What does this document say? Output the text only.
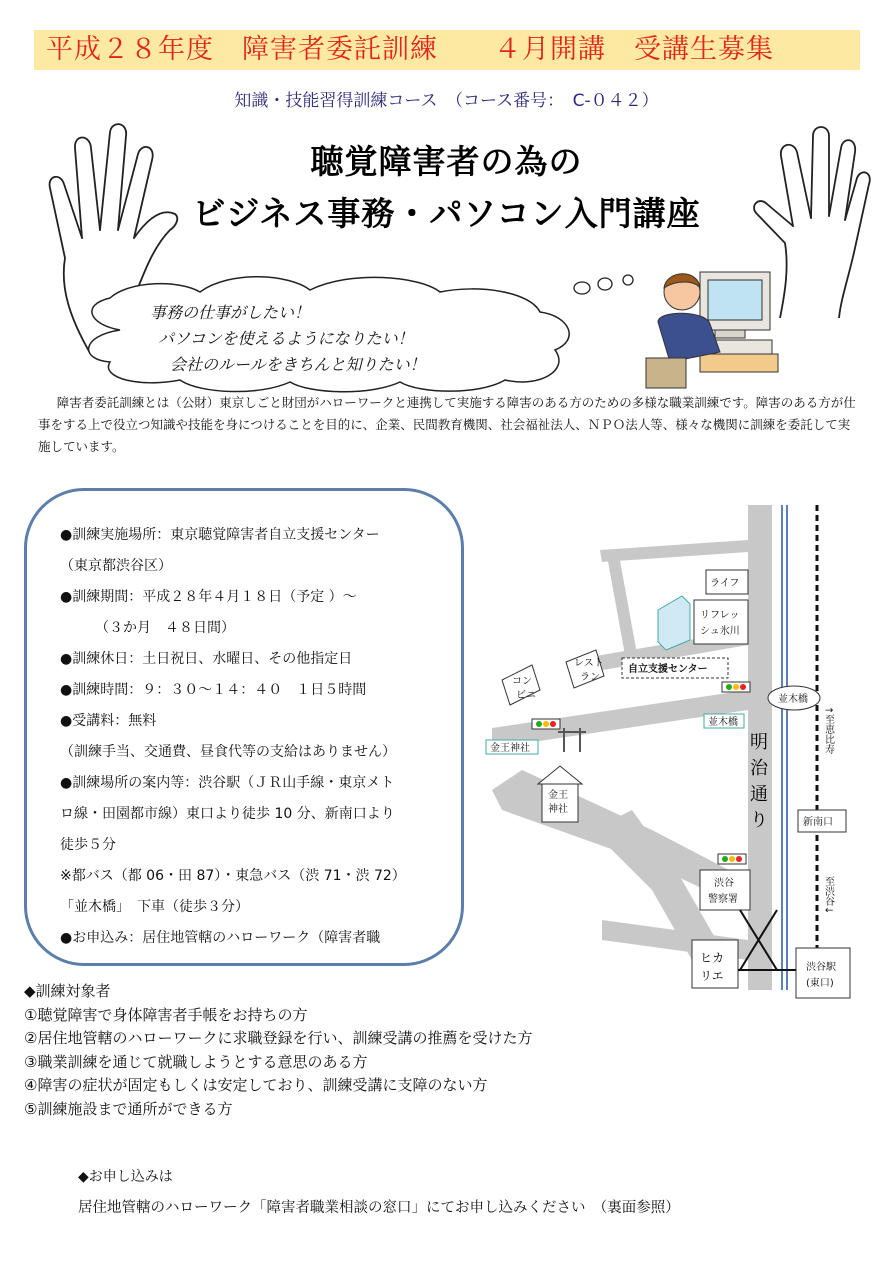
平成２８年度　障害者委託訓練　　４月開講　受講生募集
知識・技能習得訓練コース　（コース番号：　C-０４２）
聴覚障害者の為の
ビジネス事務・パソコン入門講座
事務の仕事がしたい！
パソコンを使えるようになりたい！
会社のルールをきちんと知りたい！
障害者委託訓練とは（公財）東京しごと財団がハローワークと連携して実施する障害のある方のための多様な職業訓練です。障害のある方が仕事をする上で役立つ知識や技能を身につけることを目的に、企業、民間教育機関、社会福祉法人、ＮＰＯ法人等、様々な機関に訓練を委託して実施しています。
●訓練実施場所：東京聴覚障害者自立支援センター
（東京都渋谷区）
●訓練期間：平成２８年４月１８日（予定 ）～
　　　（３か月　４８日間）
●訓練休日：土日祝日、水曜日、その他指定日
●訓練時間：９：３０～１４：４０　１日５時間
●受講料：無料
（訓練手当、交通費、昼食代等の支給はありません）
●訓練場所の案内等：渋谷駅（ＪＲ山手線・東京メト
ロ線・田園都市線）東口より徒歩 10 分、新南口より
徒歩５分
※都バス（都 06・田 87）・東急バス（渋 71・渋 72）
「並木橋」　下車（徒歩３分）
●お申込み：居住地管轄のハローワーク（障害者職
ライフ
リフレッ
シュ氷川
自立支援センター
コン
ビニ
レスト
ラン
並木橋
並木橋
金王神社
金王
神社
明
治
通
り
↑至恵比寿
至渋谷↓
新南口
渋谷
警察署
ヒカ
リエ
渋谷駅
(東口)
◆訓練対象者
①聴覚障害で身体障害者手帳をお持ちの方
②居住地管轄のハローワークに求職登録を行い、訓練受講の推薦を受けた方
③職業訓練を通じて就職しようとする意思のある方
④障害の症状が固定もしくは安定しており、訓練受講に支障のない方
⑤訓練施設まで通所ができる方
◆お申し込みは
居住地管轄のハローワーク「障害者職業相談の窓口」にてお申し込みください　（裏面参照）
